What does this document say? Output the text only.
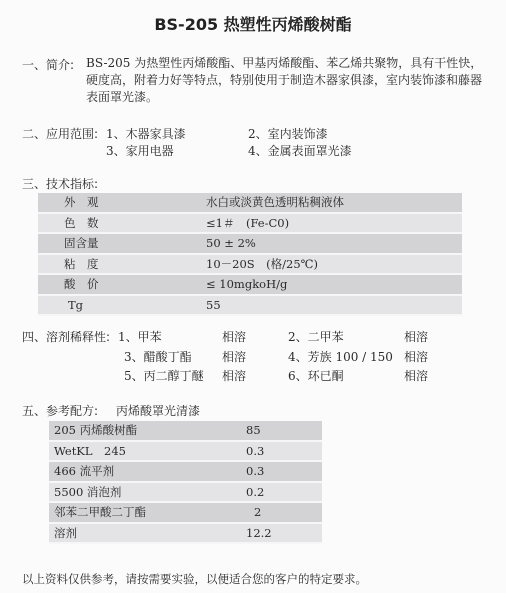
BS-205 热塑性丙烯酸树酯
一、简介: BS-205 为热塑性丙烯酸酯、甲基丙烯酸酯、苯乙烯共聚物，具有干性快，硬度高，附着力好等特点，特别使用于制造木器家俱漆，室内装饰漆和藤器表面罩光漆。
二、应用范围: 1、木器家具漆	2、室内装饰漆
3、家用电器	4、金属表面罩光漆
三、技术指标:
外　观	水白或淡黄色透明粘稠液体
色　数	≤1＃　(Fe-C0)
固含量	50 ± 2%
粘　度	10－20S　(格/25℃)
酸　价	≤ 10mgkoH/g
Tg	55
四、溶剂稀释性: 1、甲苯	相溶	2、二甲苯	相溶
3、醋酸丁酯	相溶	4、芳族 100 / 150 相溶
5、丙二醇丁醚 相溶	6、环已酮	相溶
五、参考配方: 丙烯酸罩光清漆
205 丙烯酸树酯	85
WetKL　245	0.3
466 流平剂	0.3
5500 消泡剂	0.2
邻苯二甲酸二丁酯	2
溶剂	12.2
以上资料仅供参考，请按需要实验，以便适合您的客户的特定要求。
